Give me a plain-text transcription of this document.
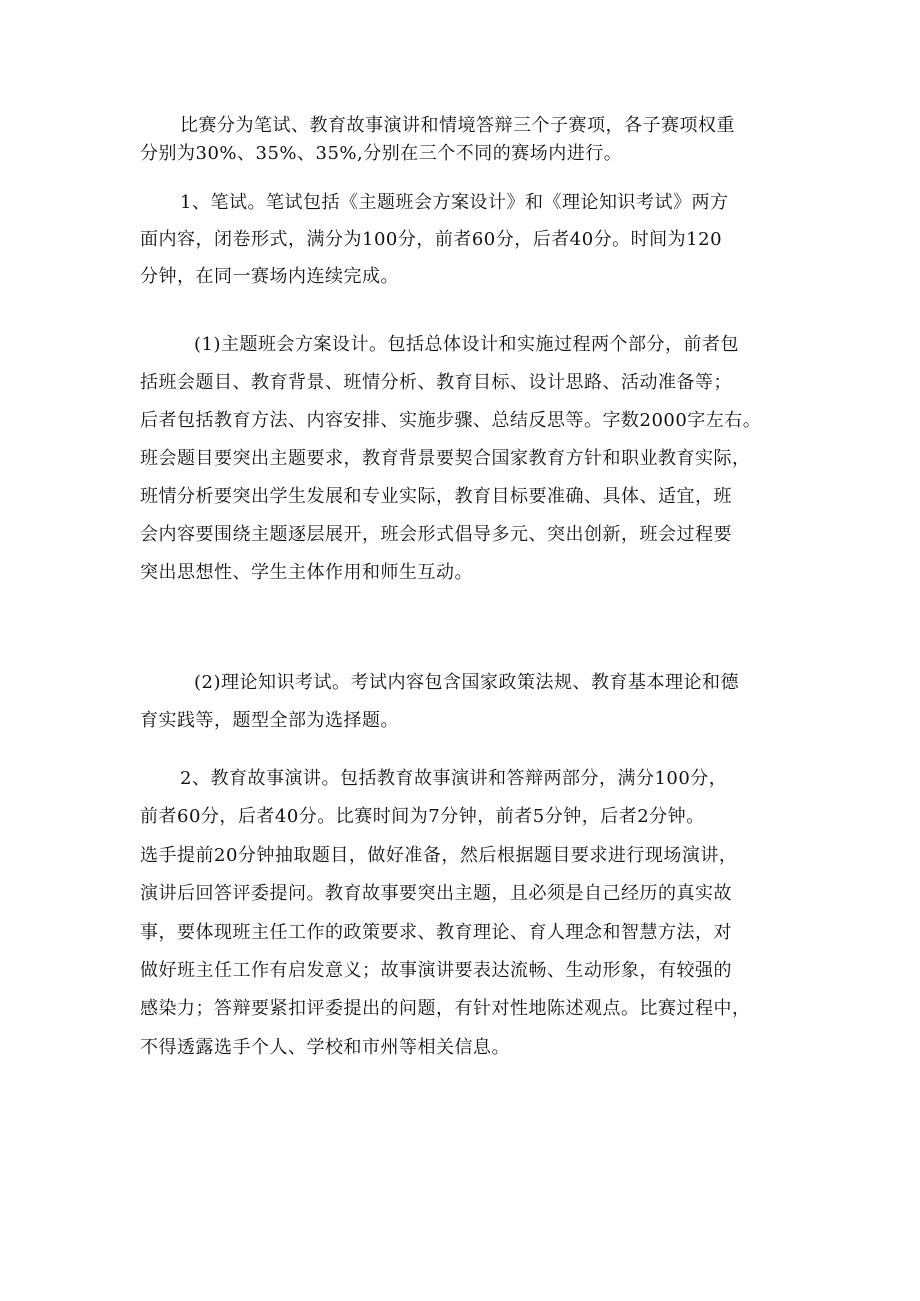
比赛分为笔试、教育故事演讲和情境答辩三个子赛项，各子赛项权重
分别为30%、35%、35%,分别在三个不同的赛场内进行。

1、笔试。笔试包括《主题班会方案设计》和《理论知识考试》两方
面内容，闭卷形式，满分为100分，前者60分，后者40分。时间为120
分钟，在同一赛场内连续完成。

(1)主题班会方案设计。包括总体设计和实施过程两个部分，前者包
括班会题目、教育背景、班情分析、教育目标、设计思路、活动准备等；
后者包括教育方法、内容安排、实施步骤、总结反思等。字数2000字左右。
班会题目要突出主题要求，教育背景要契合国家教育方针和职业教育实际，
班情分析要突出学生发展和专业实际，教育目标要准确、具体、适宜，班
会内容要围绕主题逐层展开，班会形式倡导多元、突出创新，班会过程要
突出思想性、学生主体作用和师生互动。

(2)理论知识考试。考试内容包含国家政策法规、教育基本理论和德
育实践等，题型全部为选择题。

2、教育故事演讲。包括教育故事演讲和答辩两部分，满分100分，
前者60分，后者40分。比赛时间为7分钟，前者5分钟，后者2分钟。
选手提前20分钟抽取题目，做好准备，然后根据题目要求进行现场演讲，
演讲后回答评委提问。教育故事要突出主题，且必须是自己经历的真实故
事，要体现班主任工作的政策要求、教育理论、育人理念和智慧方法，对
做好班主任工作有启发意义；故事演讲要表达流畅、生动形象，有较强的
感染力；答辩要紧扣评委提出的问题，有针对性地陈述观点。比赛过程中，
不得透露选手个人、学校和市州等相关信息。
